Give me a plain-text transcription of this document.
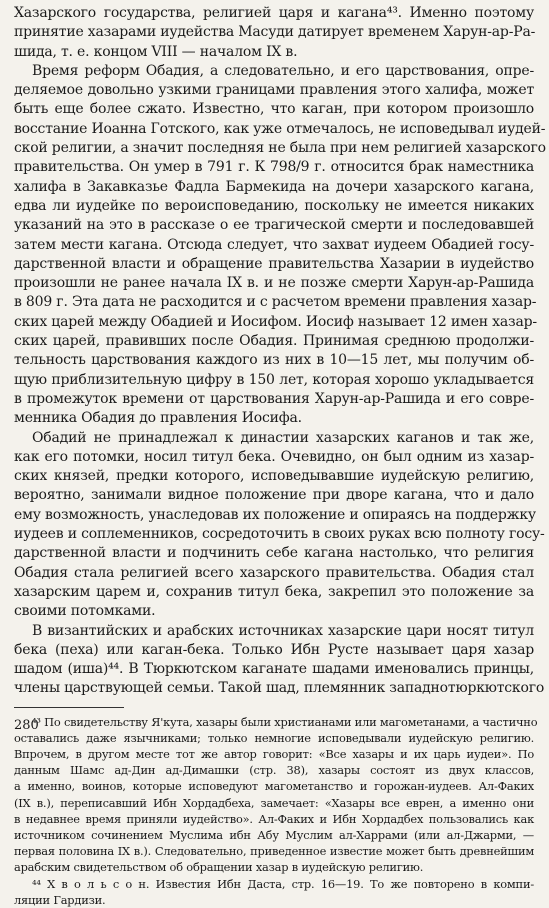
Хазарского государства, религией царя и кагана⁴³. Именно поэтому
принятие хазарами иудейства Масуди датирует временем Харун-ар-Ра-
шида, т. е. концом VIII — началом IX в.
Время реформ Обадия, а следовательно, и его царствования, опре-
деляемое довольно узкими границами правления этого халифа, может
быть еще более сжато. Известно, что каган, при котором произошло
восстание Иоанна Готского, как уже отмечалось, не исповедывал иудей-
ской религии, а значит последняя не была при нем религией хазарского
правительства. Он умер в 791 г. К 798/9 г. относится брак наместника
халифа в Закавказье Фадла Бармекида на дочери хазарского кагана,
едва ли иудейке по вероисповеданию, поскольку не имеется никаких
указаний на это в рассказе о ее трагической смерти и последовавшей
затем мести кагана. Отсюда следует, что захват иудеем Обадией госу-
дарственной власти и обращение правительства Хазарии в иудейство
произошли не ранее начала IX в. и не позже смерти Харун-ар-Рашида
в 809 г. Эта дата не расходится и с расчетом времени правления хазар-
ских царей между Обадией и Иосифом. Иосиф называет 12 имен хазар-
ских царей, правивших после Обадия. Принимая среднюю продолжи-
тельность царствования каждого из них в 10—15 лет, мы получим об-
щую приблизительную цифру в 150 лет, которая хорошо укладывается
в промежуток времени от царствования Харун-ар-Рашида и его соврe-
менника Обадия до правления Иосифа.
Обадий не принадлежал к династии хазарских каганов и так же,
как его потомки, носил титул бека. Очевидно, он был одним из хазар-
ских князей, предки которого, исповедывавшие иудейскую религию,
вероятно, занимали видное положение при дворе кагана, что и дало
ему возможность, унаследовав их положение и опираясь на поддержку
иудеев и соплеменников, сосредоточить в своих руках всю полноту госу-
дарственной власти и подчинить себе кагана настолько, что религия
Обадия стала религией всего хазарского правительства. Обадия стал
хазарским царем и, сохранив титул бека, закрепил это положение за
своими потомками.
В византийских и арабских источниках хазарские цари носят титул
бека (пеха) или каган-бека. Только Ибн Русте называет царя хазар
шадом (иша)⁴⁴. В Тюркютском каганате шадами именовались принцы,
члены царствующей семьи. Такой шад, племянник западнотюркютского
⁴³ По свидетельству Я'кута, хазары были христианами или магометанами, а частично
оставались даже язычниками; только немногие исповедывали иудейскую религию.
Впрочем, в другом месте тот же автор говорит: «Все хазары и их царь иудеи». По
данным Шамс ад-Дин ад-Димашки (стр. 38), хазары состоят из двух классов,
а именно, воинов, которые исповедуют магометанство и горожан-иудеев. Ал-Факих
(IX в.), переписавший Ибн Хордадбеха, замечает: «Хазары все еврен, а именно они
в недавнее время приняли иудейство». Ал-Факих и Ибн Хордадбех пользовались как
источником сочинением Муслима ибн Абу Муслим ал-Харрами (или ал-Джарми, —
первая половина IX в.). Следовательно, приведенное известие может быть древнейшим
арабским свидетельством об обращении хазар в иудейскую религию.
⁴⁴ Х в о л ь с о н. Известия Ибн Даста, стр. 16—19. То же повторено в компи-
ляции Гардизи.
280
